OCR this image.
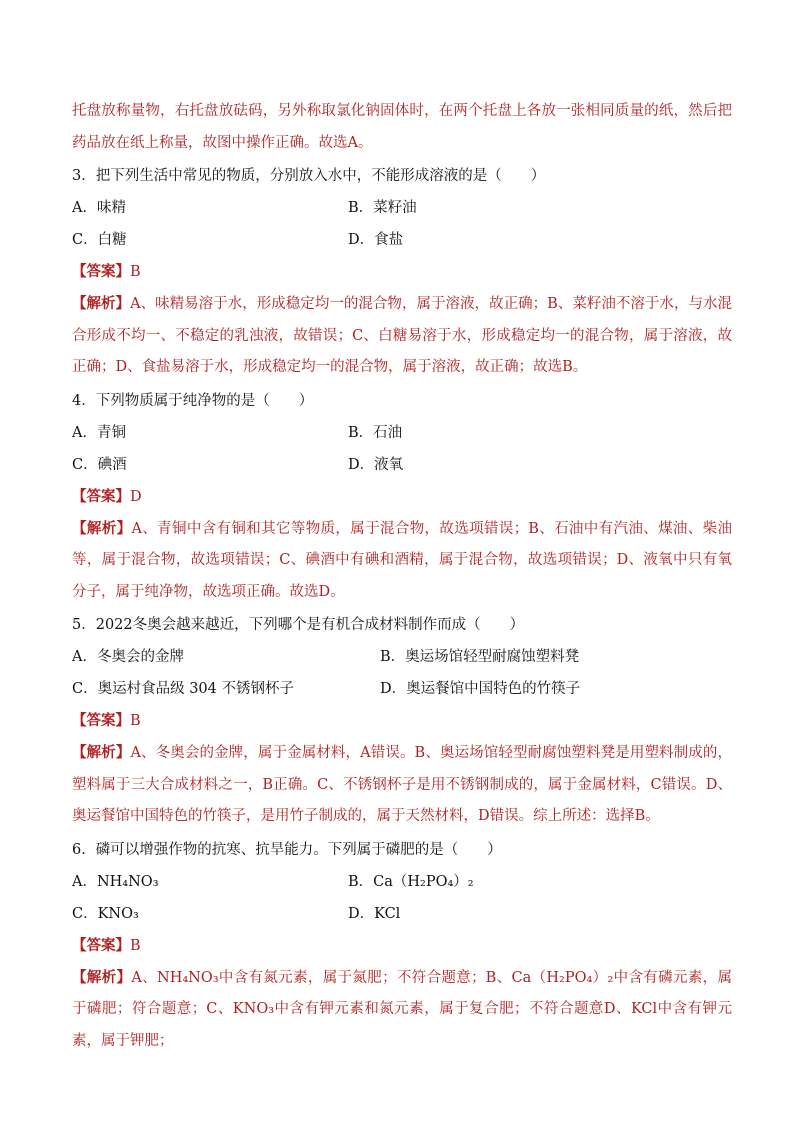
托盘放称量物，右托盘放砝码，另外称取氯化钠固体时，在两个托盘上各放一张相同质量的纸，然后把药品放在纸上称量，故图中操作正确。故选A。
3．把下列生活中常见的物质，分别放入水中，不能形成溶液的是（　　）
A．味精	B．菜籽油
C．白糖	D．食盐
【答案】B
【解析】A、味精易溶于水，形成稳定均一的混合物，属于溶液，故正确；B、菜籽油不溶于水，与水混合形成不均一、不稳定的乳浊液，故错误；C、白糖易溶于水，形成稳定均一的混合物，属于溶液，故正确；D、食盐易溶于水，形成稳定均一的混合物，属于溶液，故正确；故选B。
4．下列物质属于纯净物的是（　　）
A．青铜	B．石油
C．碘酒	D．液氧
【答案】D
【解析】A、青铜中含有铜和其它等物质，属于混合物，故选项错误；B、石油中有汽油、煤油、柴油等，属于混合物，故选项错误；C、碘酒中有碘和酒精，属于混合物，故选项错误；D、液氧中只有氧分子，属于纯净物，故选项正确。故选D。
5．2022冬奥会越来越近，下列哪个是有机合成材料制作而成（　　）
A．冬奥会的金牌	B．奥运场馆轻型耐腐蚀塑料凳
C．奥运村食品级 304 不锈钢杯子	D．奥运餐馆中国特色的竹筷子
【答案】B
【解析】A、冬奥会的金牌，属于金属材料，A错误。B、奥运场馆轻型耐腐蚀塑料凳是用塑料制成的，塑料属于三大合成材料之一，B正确。C、不锈钢杯子是用不锈钢制成的，属于金属材料，C错误。D、奥运餐馆中国特色的竹筷子，是用竹子制成的，属于天然材料，D错误。综上所述：选择B。
6．磷可以增强作物的抗寒、抗旱能力。下列属于磷肥的是（　　）
A．NH₄NO₃	B．Ca（H₂PO₄）₂
C．KNO₃	D．KCl
【答案】B
【解析】A、NH₄NO₃中含有氮元素，属于氮肥；不符合题意；B、Ca（H₂PO₄）₂中含有磷元素，属于磷肥；符合题意；C、KNO₃中含有钾元素和氮元素，属于复合肥；不符合题意D、KCl中含有钾元素，属于钾肥；
